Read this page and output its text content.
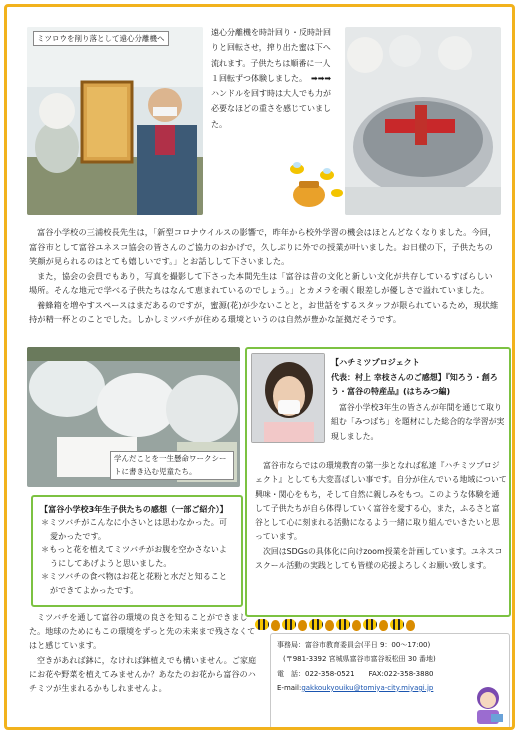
ミツロウを削り落として遠心分離機へ
遠心分離機を時計回り・反時計回りと回転させ，搾り出た蜜は下へ流れます。子供たちは順番に一人１回転ずつ体験しました。　➡➡➡
ハンドルを回す時は大人でも力が必要なほどの重さを感じていました。

富谷小学校の三浦校長先生は，「新型コロナウイルスの影響で，昨年から校外学習の機会はほとんどなくなりました。今回，富谷市として富谷ユネスコ協会の皆さんのご協力のおかげで，久しぶりに外での授業が叶いました。お日様の下，子供たちの笑顔が見られるのはとても嬉しいです。」とお話しして下さいました。

また，協会の会員でもあり，写真を撮影して下さった本間先生は「富谷は昔の文化と新しい文化が共存しているすばらしい場所。そんな地元で学べる子供たちはなんて恵まれているのでしょう。」とカメラを覗く眼差しが優しさで溢れていました。

養蜂箱を増やすスペースはまだあるのですが，蜜源(花)が少ないことと，お世話をするスタッフが限られているため，現状維持が精一杯とのことでした。しかしミツバチが住める環境というのは自然が豊かな証拠だそうです。

学んだことを一生懸命ワークシートに書き込む児童たち。
【富谷小学校3年生子供たちの感想（一部ご紹介）】
＊ミツバチがこんなに小さいとは思わなかった。可愛かったです。
＊もっと花を植えてミツバチがお腹を空かさないようにしてあげようと思いました。
＊ミツバチの食べ物はお花と花粉と水だと知ることができてよかったです。
【ハチミツプロジェクト
代表：村上 幸枝さんのご感想】『知ろう・創ろう・富谷の特産品』(はちみつ編)

富谷小学校3年生の皆さんが年間を通じて取り組む「みつばち」を題材にした総合的な学習が実現しました。

富谷市ならではの環境教育の第一歩となれば私達『ハチミツプロジェクト』としても大変喜ばしい事です。自分が住んでいる地域について興味・関心をもち，そして自然に親しみをもつ。このような体験を通して子供たちが自ら体得していく富谷を愛する心，また，ふるさと富谷として心に刻まれる活動になるよう一緒に取り組んでいきたいと思っています。

次回はSDGsの具体化に向けzoom授業を計画しています。ユネスコスクール活動の実践としても皆様の応援よろしくお願い致します。

ミツバチを通して富谷の環境の良さを知ることができました。地球のためにもこの環境をずっと先の未来まで残さなくてはと感じています。

空きがあれば鉢に，なければ鉢植えでも構いません。ご家庭にお花や野菜を植えてみませんか？あなたのお花から富谷のハチミツが生まれるかもしれませんよ。

事務局：富谷市教育委員会(平日 9：00～17:00)
(〒981-3392 宮城県富谷市富谷坂松田 30 番地)
電　話：022-358-0521　　FAX:022-358-3880
E-mail:gakkoukyouiku@tomiya-city.miyagi.jp
